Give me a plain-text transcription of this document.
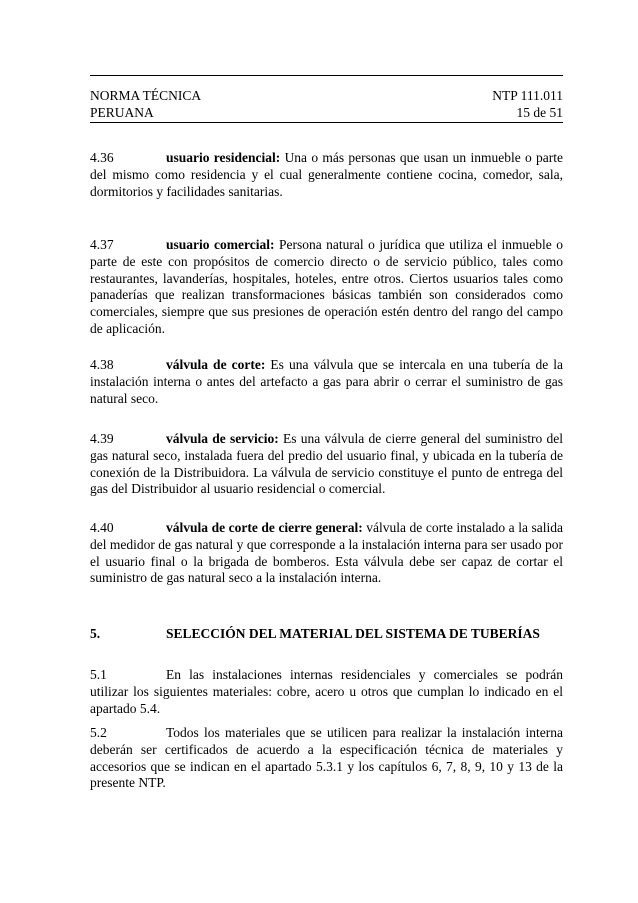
NORMA TÉCNICA	NTP 111.011
PERUANA	15 de 51

4.36	usuario residencial: Una o más personas que usan un inmueble o parte del mismo como residencia y el cual generalmente contiene cocina, comedor, sala, dormitorios y facilidades sanitarias.

4.37	usuario comercial: Persona natural o jurídica que utiliza el inmueble o parte de este con propósitos de comercio directo o de servicio público, tales como restaurantes, lavanderías, hospitales, hoteles, entre otros. Ciertos usuarios tales como panaderías que realizan transformaciones básicas también son considerados como comerciales, siempre que sus presiones de operación estén dentro del rango del campo de aplicación.

4.38	válvula de corte: Es una válvula que se intercala en una tubería de la instalación interna o antes del artefacto a gas para abrir o cerrar el suministro de gas natural seco.

4.39	válvula de servicio: Es una válvula de cierre general del suministro del gas natural seco, instalada fuera del predio del usuario final, y ubicada en la tubería de conexión de la Distribuidora. La válvula de servicio constituye el punto de entrega del gas del Distribuidor al usuario residencial o comercial.

4.40	válvula de corte de cierre general: válvula de corte instalado a la salida del medidor de gas natural y que corresponde a la instalación interna para ser usado por el usuario final o la brigada de bomberos. Esta válvula debe ser capaz de cortar el suministro de gas natural seco a la instalación interna.

5.	SELECCIÓN DEL MATERIAL DEL SISTEMA DE TUBERÍAS

5.1	En las instalaciones internas residenciales y comerciales se podrán utilizar los siguientes materiales: cobre, acero u otros que cumplan lo indicado en el apartado 5.4.

5.2	Todos los materiales que se utilicen para realizar la instalación interna deberán ser certificados de acuerdo a la especificación técnica de materiales y accesorios que se indican en el apartado 5.3.1 y los capítulos 6, 7, 8, 9, 10 y 13 de la presente NTP.
